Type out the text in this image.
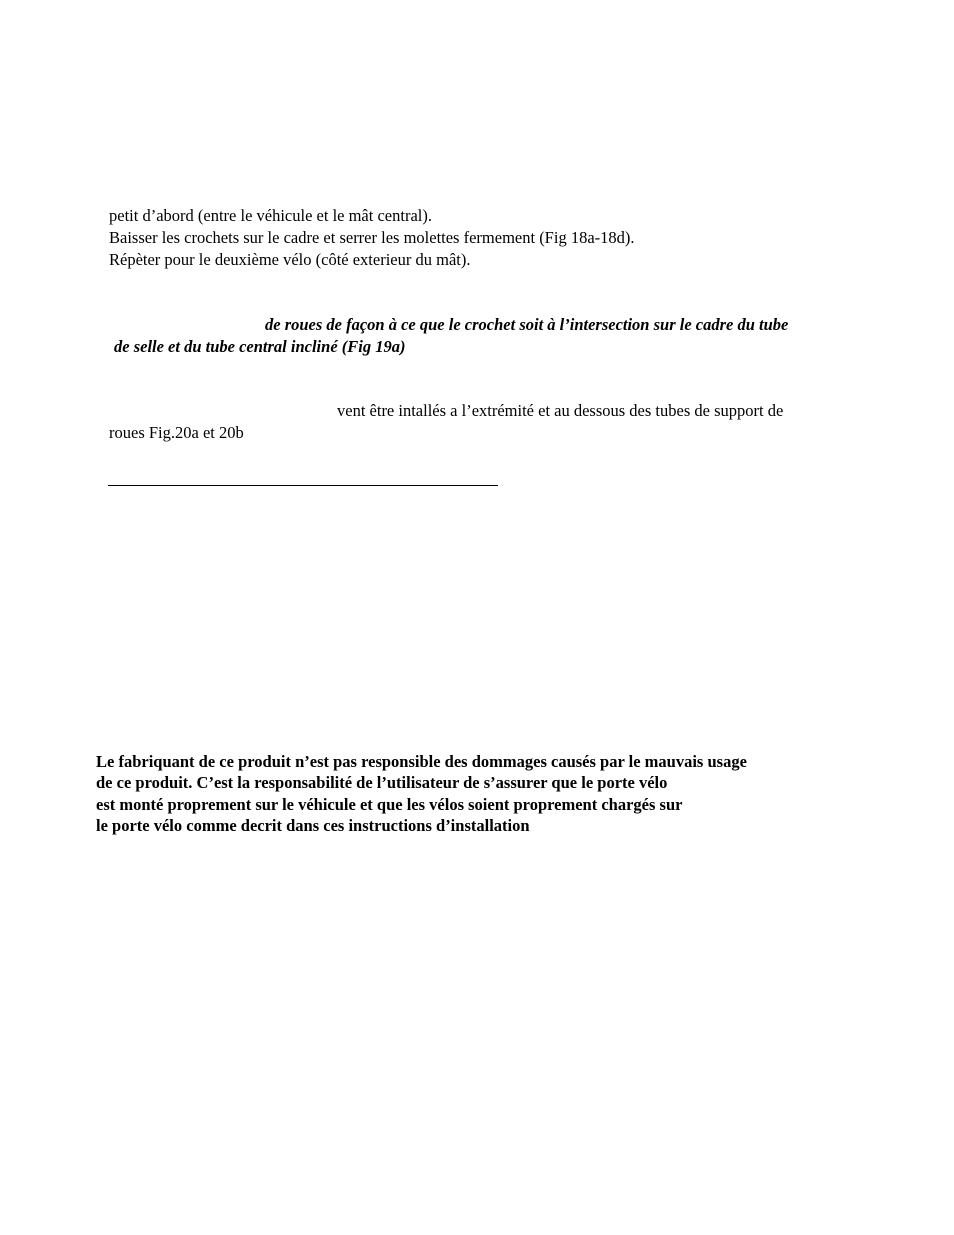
petit d’abord (entre le véhicule et le mât central).
Baisser les crochets sur le cadre et serrer les molettes fermement (Fig 18a-18d).
Répèter pour le deuxième vélo (côté exterieur du mât).
de roues de façon à ce que le crochet soit à l’intersection sur le cadre du tube
de selle et du tube central incliné (Fig 19a)
vent être intallés a l’extrémité et au dessous des tubes de support de
roues Fig.20a et 20b
Le fabriquant de ce produit n’est pas responsible des dommages causés par le mauvais usage
de ce produit. C’est la responsabilité de l’utilisateur de s’assurer que le porte vélo
est monté proprement sur le véhicule et que les vélos soient proprement chargés sur
le porte vélo comme decrit dans ces instructions d’installation
